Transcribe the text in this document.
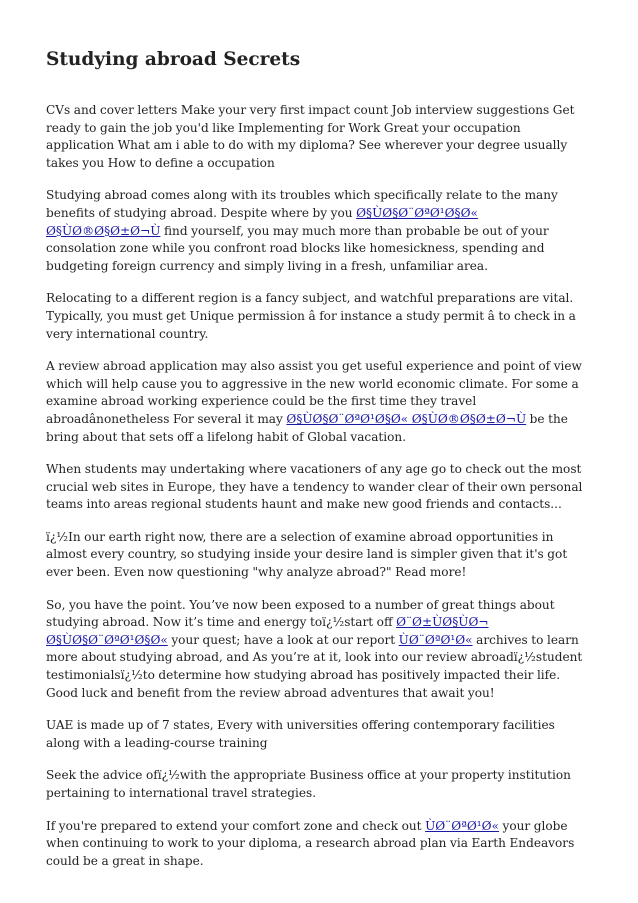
Studying abroad Secrets

CVs and cover letters Make your very first impact count Job interview suggestions Get ready to gain the job you'd like Implementing for Work Great your occupation application What am i able to do with my diploma? See wherever your degree usually takes you How to define a occupation

Studying abroad comes along with its troubles which specifically relate to the many benefits of studying abroad. Despite where by you Ø§ÙØ§Ø¨ØªØ¹Ø§Ø« Ø§ÙØ®Ø§Ø±Ø¬Ù find yourself, you may much more than probable be out of your consolation zone while you confront road blocks like homesickness, spending and budgeting foreign currency and simply living in a fresh, unfamiliar area.

Relocating to a different region is a fancy subject, and watchful preparations are vital. Typically, you must get Unique permission â for instance a study permit â to check in a very international country.

A review abroad application may also assist you get useful experience and point of view which will help cause you to aggressive in the new world economic climate. For some a examine abroad working experience could be the first time they travel abroadânonetheless For several it may Ø§ÙØ§Ø¨ØªØ¹Ø§Ø« Ø§ÙØ®Ø§Ø±Ø¬Ù be the bring about that sets off a lifelong habit of Global vacation.

When students may undertaking where vacationers of any age go to check out the most crucial web sites in Europe, they have a tendency to wander clear of their own personal teams into areas regional students haunt and make new good friends and contacts...

ï¿½In our earth right now, there are a selection of examine abroad opportunities in almost every country, so studying inside your desire land is simpler given that it's got ever been. Even now questioning "why analyze abroad?" Read more!

So, you have the point. You’ve now been exposed to a number of great things about studying abroad. Now it’s time and energy toï¿½start off Ø¨Ø±ÙØ§ÙØ¬ Ø§ÙØ§Ø¨ØªØ¹Ø§Ø« your quest; have a look at our report ÙØ¨ØªØ¹Ø« archives to learn more about studying abroad, and As you’re at it, look into our review abroadï¿½student testimonialsï¿½to determine how studying abroad has positively impacted their life. Good luck and benefit from the review abroad adventures that await you!

UAE is made up of 7 states, Every with universities offering contemporary facilities along with a leading-course training

Seek the advice ofï¿½with the appropriate Business office at your property institution pertaining to international travel strategies.

If you're prepared to extend your comfort zone and check out ÙØ¨ØªØ¹Ø« your globe when continuing to work to your diploma, a research abroad plan via Earth Endeavors could be a great in shape.
